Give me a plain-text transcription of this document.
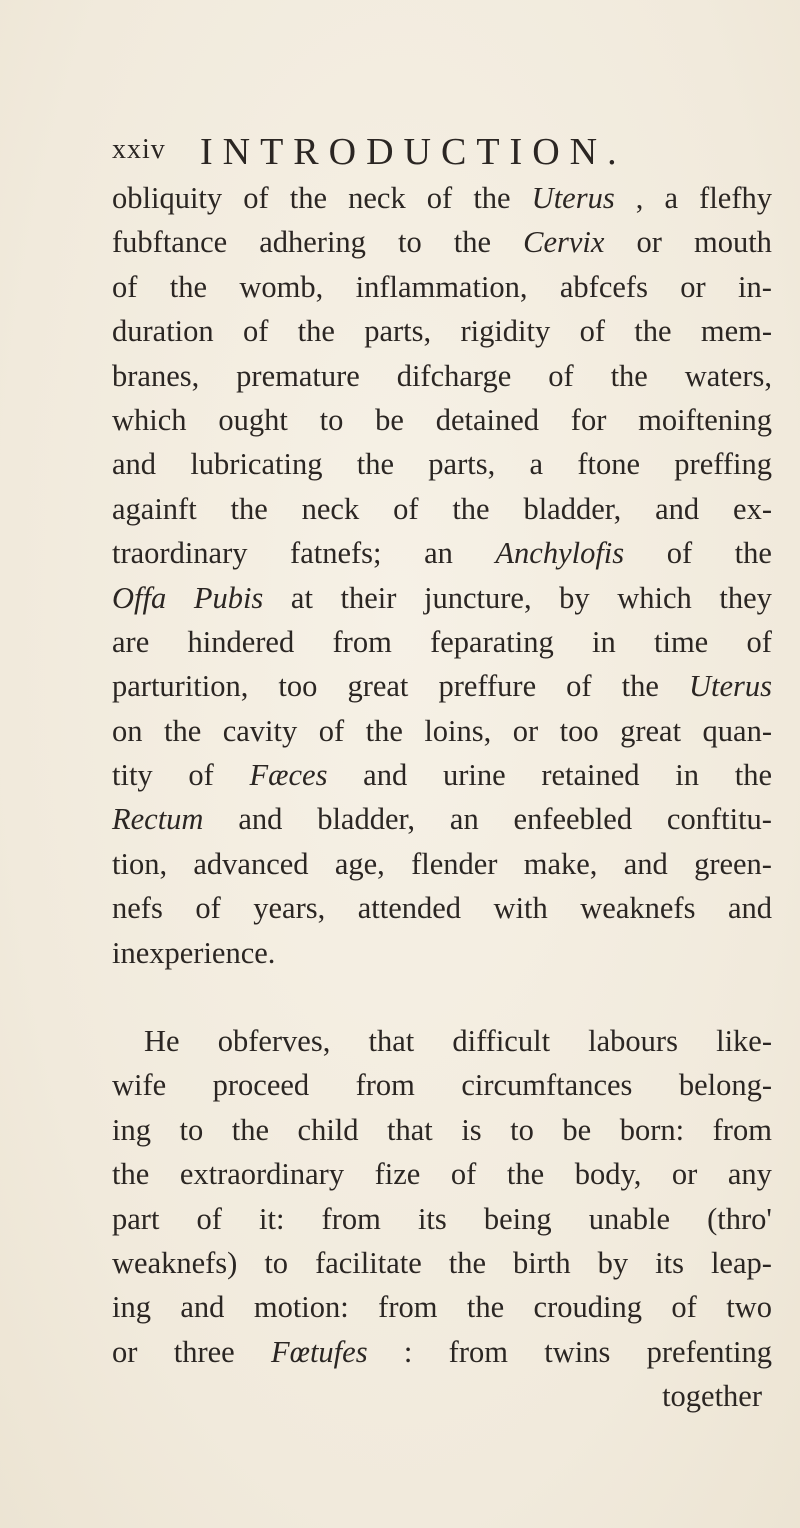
xxiv INTRODUCTION.
obliquity of the neck of the Uterus , a flefhy
fubftance adhering to the Cervix or mouth
of the womb, inflammation, abfcefs or in-
duration of the parts, rigidity of the mem-
branes, premature difcharge of the waters,
which ought to be detained for moiftening
and lubricating the parts, a ftone preffing
againft the neck of the bladder, and ex-
traordinary fatnefs; an Anchylofis of the
Offa Pubis at their juncture, by which they
are hindered from feparating in time of
parturition, too great preffure of the Uterus
on the cavity of the loins, or too great quan-
tity of Fæces and urine retained in the
Rectum and bladder, an enfeebled conftitu-
tion, advanced age, flender make, and green-
nefs of years, attended with weaknefs and
inexperience.
He obferves, that difficult labours like-
wife proceed from circumftances belong-
ing to the child that is to be born: from
the extraordinary fize of the body, or any
part of it: from its being unable (thro'
weaknefs) to facilitate the birth by its leap-
ing and motion: from the crouding of two
or three Fœtufes : from twins prefenting
together
